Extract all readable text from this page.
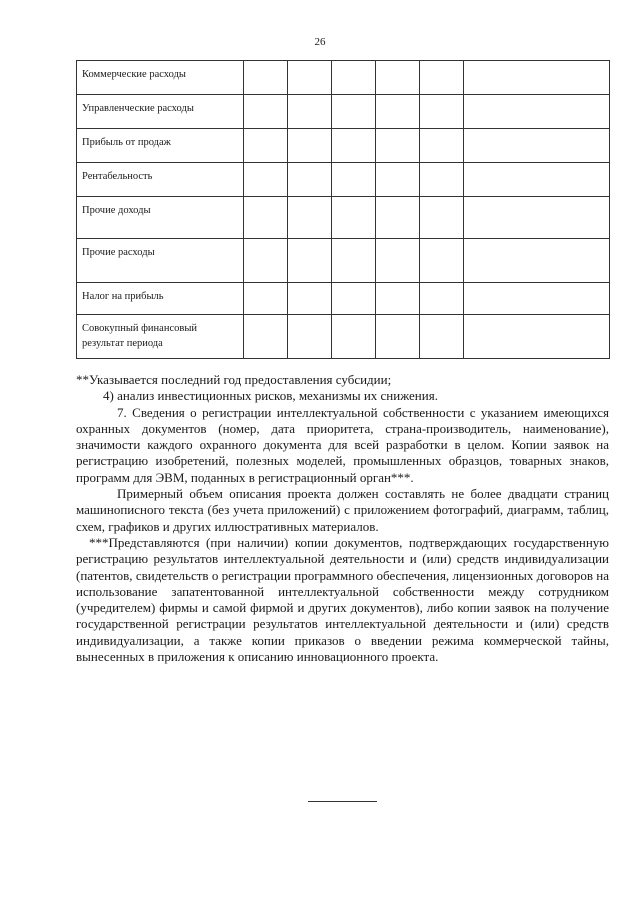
26
Коммерческие расходы						
Управленческие расходы						
Прибыль от продаж						
Рентабельность						
Прочие доходы						
Прочие расходы						
Налог на прибыль						
Совокупный финансовый результат периода						

**Указывается последний год предоставления субсидии;

4) анализ инвестиционных рисков, механизмы их снижения.

7. Сведения о регистрации интеллектуальной собственности с указанием имеющихся охранных документов (номер, дата приоритета, страна-производитель, наименование), значимости каждого охранного документа для всей разработки в целом. Копии заявок на регистрацию изобретений, полезных моделей, промышленных образцов, товарных знаков, программ для ЭВМ, поданных в регистрационный орган***.

Примерный объем описания проекта должен составлять не более двадцати страниц машинописного текста (без учета приложений) с приложением фотографий, диаграмм, таблиц, схем, графиков и других иллюстративных материалов.

***Представляются (при наличии) копии документов, подтверждающих государственную регистрацию результатов интеллектуальной деятельности и (или) средств индивидуализации (патентов, свидетельств о регистрации программного обеспечения, лицензионных договоров на использование запатентованной интеллектуальной собственности между сотрудником (учредителем) фирмы и самой фирмой и других документов), либо копии заявок на получение государственной регистрации результатов интеллектуальной деятельности и (или) средств индивидуализации, а также копии приказов о введении режима коммерческой тайны, вынесенных в приложения к описанию инновационного проекта.
